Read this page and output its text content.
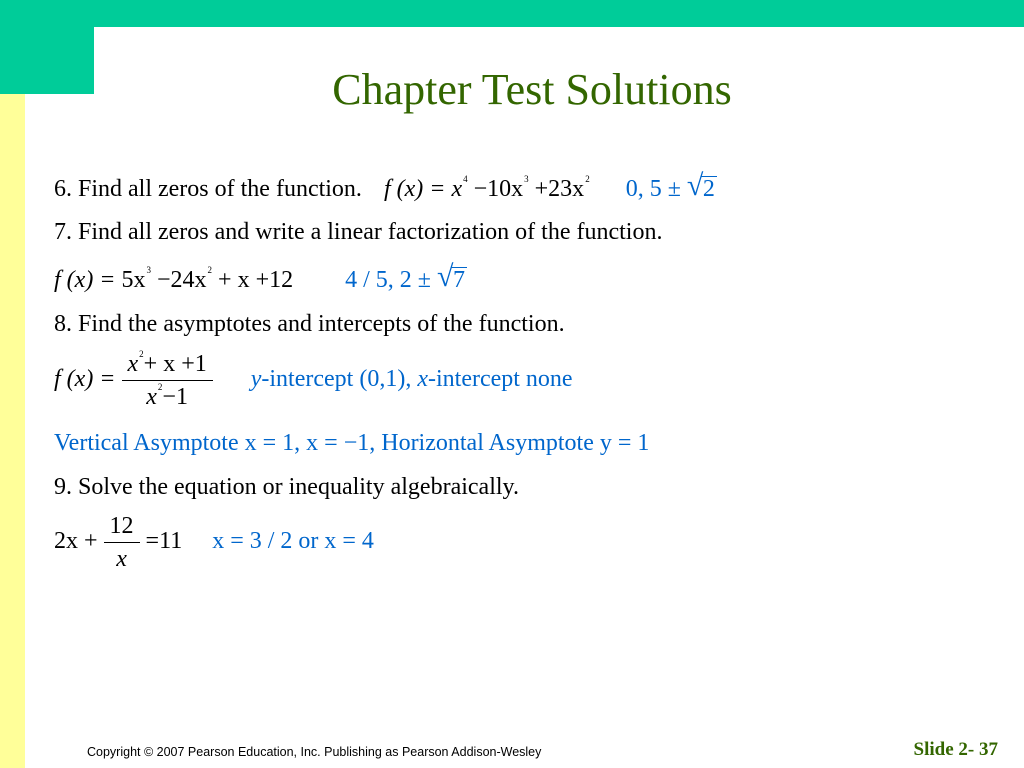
Chapter Test Solutions
6. Find all zeros of the function. f $(x) = x^4 -10x^3 +23x^2$ 0, 5 ± √ 2
7. Find all zeros and write a linear factorization of the function.
f $(x) = 5x^3 -24x^2 + x +12$ 4 / 5, 2 ± √ 7
8. Find the asymptotes and intercepts of the function.
f $(x) = \frac{x^2+ x +1}{x^2-1}$ y-intercept (0,1), x-intercept none
Vertical Asymptote x = 1, x = −1, Horizontal Asymptote y = 1
9. Solve the equation or inequality algebraically.
$2x + \frac{12}{x} =11$ x = 3 / 2 or x = 4
Copyright © 2007 Pearson Education, Inc. Publishing as Pearson Addison-Wesley	Slide 2- 37
